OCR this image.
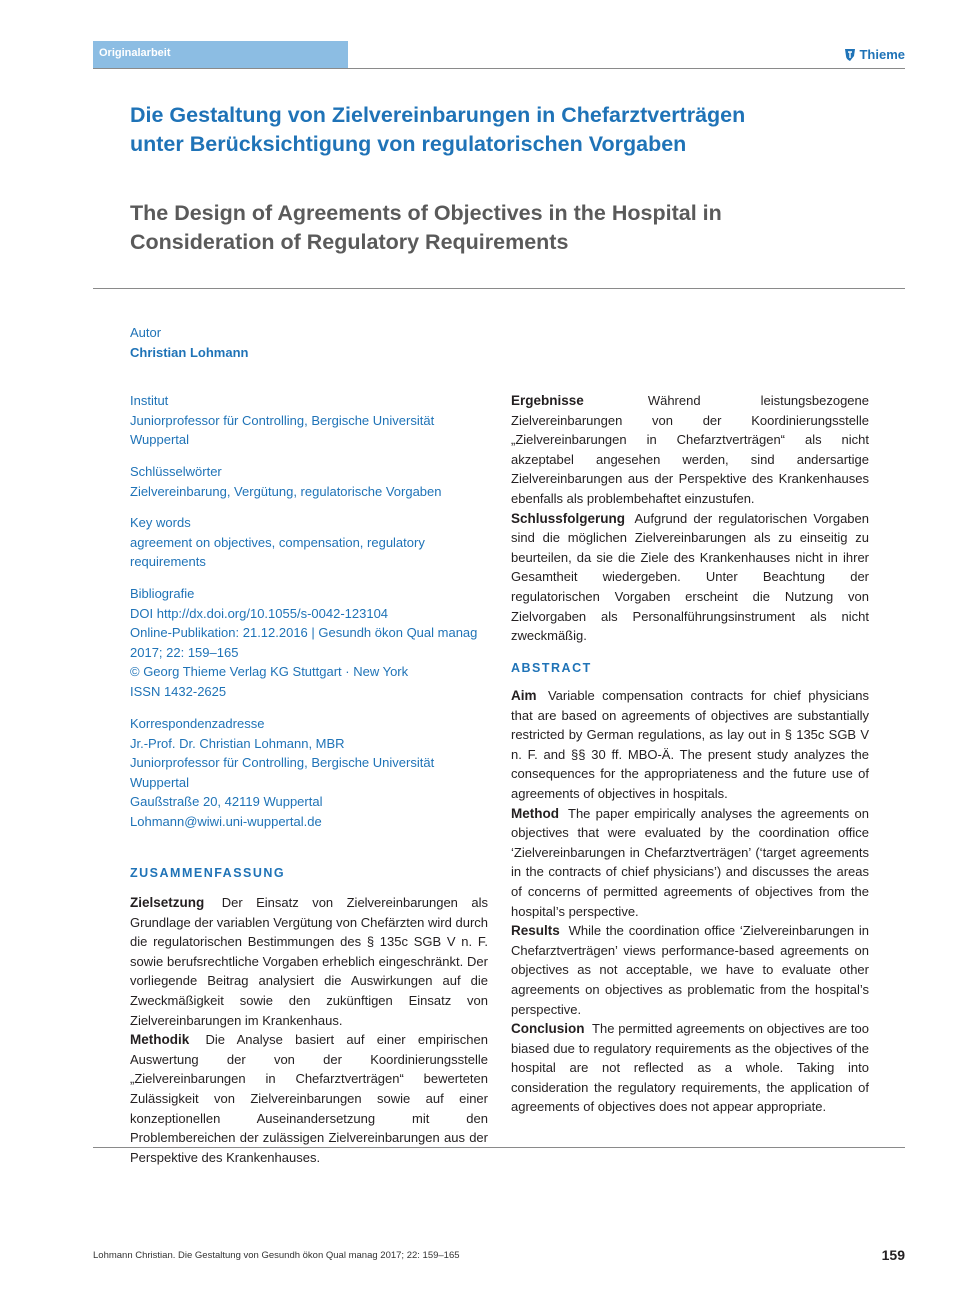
Originalarbeit	Thieme
Die Gestaltung von Zielvereinbarungen in Chefarztverträgen unter Berücksichtigung von regulatorischen Vorgaben
The Design of Agreements of Objectives in the Hospital in Consideration of Regulatory Requirements
Autor
Christian Lohmann
Institut
Juniorprofessor für Controlling, Bergische Universität Wuppertal
Schlüsselwörter
Zielvereinbarung, Vergütung, regulatorische Vorgaben
Key words
agreement on objectives, compensation, regulatory requirements
Bibliografie
DOI http://dx.doi.org/10.1055/s-0042-123104
Online-Publikation: 21.12.2016 | Gesundh ökon Qual manag 2017; 22: 159–165
© Georg Thieme Verlag KG Stuttgart · New York
ISSN 1432-2625
Korrespondenzadresse
Jr.-Prof. Dr. Christian Lohmann, MBR
Juniorprofessor für Controlling, Bergische Universität Wuppertal
Gaußstraße 20, 42119 Wuppertal
Lohmann@wiwi.uni-wuppertal.de
ZUSAMMENFASSUNG

Zielsetzung Der Einsatz von Zielvereinbarungen als Grundlage der variablen Vergütung von Chefärzten wird durch die regulatorischen Bestimmungen des § 135c SGB V n. F. sowie berufsrechtliche Vorgaben erheblich eingeschränkt. Der vorliegende Beitrag analysiert die Auswirkungen auf die Zweckmäßigkeit sowie den zukünftigen Einsatz von Zielvereinbarungen im Krankenhaus.

Methodik Die Analyse basiert auf einer empirischen Auswertung der von der Koordinierungsstelle „Zielvereinbarungen in Chefarztverträgen“ bewerteten Zulässigkeit von Zielvereinbarungen sowie auf einer konzeptionellen Auseinandersetzung mit den Problembereichen der zulässigen Zielvereinbarungen aus der Perspektive des Krankenhauses.

Ergebnisse	Während leistungsbezogene Zielvereinbarungen von der Koordinierungsstelle „Zielvereinbarungen in Chefarztverträgen“ als nicht akzeptabel angesehen werden, sind andersartige Zielvereinbarungen aus der Perspektive des Krankenhauses ebenfalls als problembehaftet einzustufen.

Schlussfolgerung Aufgrund der regulatorischen Vorgaben sind die möglichen Zielvereinbarungen als zu einseitig zu beurteilen, da sie die Ziele des Krankenhauses nicht in ihrer Gesamtheit wiedergeben. Unter Beachtung der regulatorischen Vorgaben erscheint die Nutzung von Zielvorgaben als Personalführungsinstrument als nicht zweckmäßig.

ABSTRACT

Aim Variable compensation contracts for chief physicians that are based on agreements of objectives are substantially restricted by German regulations, as lay out in § 135c SGB V n. F. and §§ 30 ff. MBO-Ä. The present study analyzes the consequences for the appropriateness and the future use of agreements of objectives in hospitals.

Method The paper empirically analyses the agreements on objectives that were evaluated by the coordination office ‘Zielvereinbarungen in Chefarztverträgen’ (‘target agreements in the contracts of chief physicians’) and discusses the areas of concerns of permitted agreements of objectives from the hospital’s perspective.

Results While the coordination office ‘Zielvereinbarungen in Chefarztverträgen’ views performance-based agreements on objectives as not acceptable, we have to evaluate other agreements on objectives as problematic from the hospital’s perspective.

Conclusion The permitted agreements on objectives are too biased due to regulatory requirements as the objectives of the hospital are not reflected as a whole. Taking into consideration the regulatory requirements, the application of agreements of objectives does not appear appropriate.

Lohmann Christian. Die Gestaltung von Gesundh ökon Qual manag 2017; 22: 159–165	159
